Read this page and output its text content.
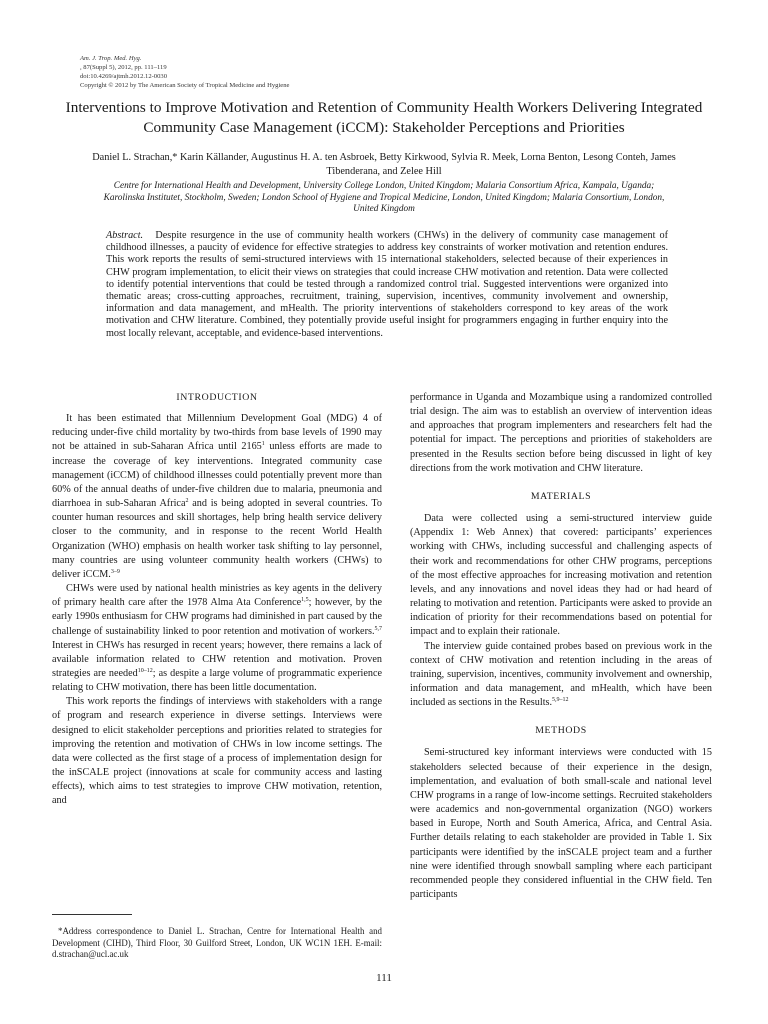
Am. J. Trop. Med. Hyg.
, 87(Suppl 5), 2012, pp. 111–119
doi:10.4269/ajtmh.2012.12-0030
Copyright © 2012 by The American Society of Tropical Medicine and Hygiene
Interventions to Improve Motivation and Retention of Community Health Workers Delivering Integrated Community Case Management (iCCM): Stakeholder Perceptions and Priorities
Daniel L. Strachan,* Karin Källander, Augustinus H. A. ten Asbroek, Betty Kirkwood, Sylvia R. Meek, Lorna Benton, Lesong Conteh, James Tibenderana, and Zelee Hill
Centre for International Health and Development, University College London, United Kingdom; Malaria Consortium Africa, Kampala, Uganda; Karolinska Institutet, Stockholm, Sweden; London School of Hygiene and Tropical Medicine, London, United Kingdom; Malaria Consortium, London, United Kingdom
Abstract. Despite resurgence in the use of community health workers (CHWs) in the delivery of community case management of childhood illnesses, a paucity of evidence for effective strategies to address key constraints of worker motivation and retention endures. This work reports the results of semi-structured interviews with 15 international stakeholders, selected because of their experiences in CHW program implementation, to elicit their views on strategies that could increase CHW motivation and retention. Data were collected to identify potential interventions that could be tested through a randomized control trial. Suggested interventions were organized into thematic areas; cross-cutting approaches, recruitment, training, supervision, incentives, community involvement and ownership, information and data management, and mHealth. The priority interventions of stakeholders correspond to key areas of the work motivation and CHW literature. Combined, they potentially provide useful insight for programmers engaging in further enquiry into the most locally relevant, acceptable, and evidence-based interventions.
INTRODUCTION

It has been estimated that Millennium Development Goal (MDG) 4 of reducing under-five child mortality by two-thirds from base levels of 1990 may not be attained in sub-Saharan Africa until 2165$^1$ unless efforts are made to increase the coverage of key interventions. Integrated community case management (iCCM) of childhood illnesses could potentially prevent more than 60% of the annual deaths of under-five children due to malaria, pneumonia and diarrhoea in sub-Saharan Africa$^2$ and is being adopted in several countries. To counter human resources and skill shortages, help bring health service delivery closer to the community, and in response to the recent World Health Organization (WHO) emphasis on health worker task shifting to lay personnel, many countries are using volunteer community health workers (CHWs) to deliver iCCM.$^{3-9}$

CHWs were used by national health ministries as key agents in the delivery of primary health care after the 1978 Alma Ata Conference$^{1,5}$; however, by the early 1990s enthusiasm for CHW programs had diminished in part caused by the challenge of sustainability linked to poor retention and motivation of workers.$^{5,7}$ Interest in CHWs has resurged in recent years; however, there remains a lack of available information related to CHW retention and motivation. Proven strategies are needed$^{10-12}$; as despite a large volume of programmatic experience relating to CHW motivation, there has been little documentation.

This work reports the findings of interviews with stakeholders with a range of program and research experience in diverse settings. Interviews were designed to elicit stakeholder perceptions and priorities related to strategies for improving the retention and motivation of CHWs in low income settings. The data were collected as the first stage of a process of implementation design for the inSCALE project (innovations at scale for community access and lasting effects), which aims to test strategies to improve CHW motivation, retention, and

performance in Uganda and Mozambique using a randomized controlled trial design. The aim was to establish an overview of intervention ideas and approaches that program implementers and researchers felt had the potential for impact. The perceptions and priorities of stakeholders are presented in the Results section before being discussed in light of key directions from the work motivation and CHW literature.

MATERIALS

Data were collected using a semi-structured interview guide (Appendix 1: Web Annex) that covered: participants’ experiences working with CHWs, including successful and challenging aspects of their work and recommendations for other CHW programs, perceptions of the most effective approaches for increasing motivation and retention levels, and any innovations and novel ideas they had or had heard of relating to motivation and retention. Participants were asked to provide an indication of priority for their recommendations based on potential for impact and to explain their rationale.

The interview guide contained probes based on previous work in the context of CHW motivation and retention including in the areas of training, supervision, incentives, community involvement and ownership, information and data management, and mHealth, which have been included as sections in the Results.$^{5,9-12}$

METHODS

Semi-structured key informant interviews were conducted with 15 stakeholders selected because of their experience in the design, implementation, and evaluation of both small-scale and national level CHW programs in a range of low-income settings. Recruited stakeholders were academics and non-governmental organization (NGO) workers based in Europe, North and South America, Africa, and Central Asia. Further details relating to each stakeholder are provided in Table 1. Six participants were identified by the inSCALE project team and a further nine were identified through snowball sampling where each participant recommended people they considered influential in the CHW field. Ten participants

*Address correspondence to Daniel L. Strachan, Centre for International Health and Development (CIHD), Third Floor, 30 Guilford Street, London, UK WC1N 1EH. E-mail: d.strachan@ucl.ac.uk
111
